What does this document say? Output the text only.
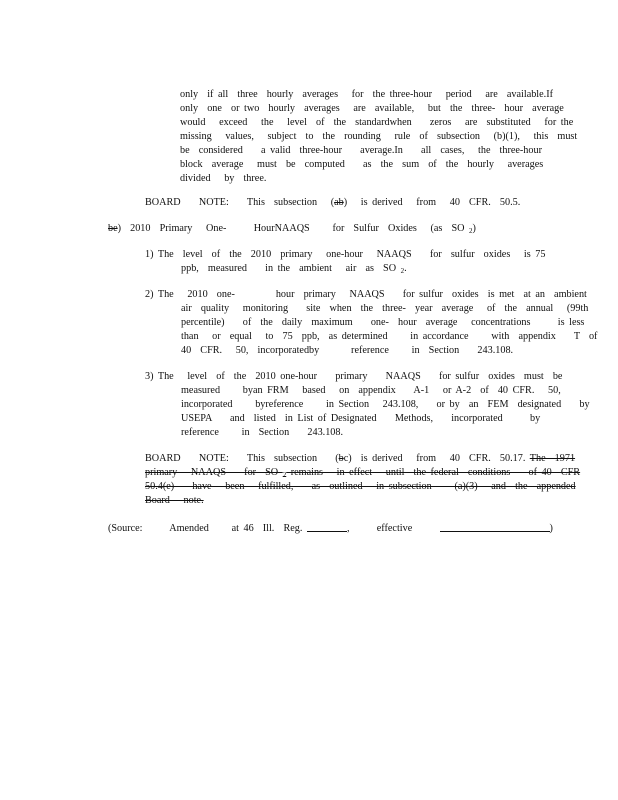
only  if all  three  hourly  averages   for  the three-hour   period   are  available.If
only  one  or two  hourly  averages   are  available,   but  the  three-  hour  average
would   exceed   the   level  of  the  standardwhen    zeros   are  substituted   for the
missing   values,   subject  to  the  rounding   rule  of  subsection   (b)(1),   this  must
be  considered    a valid  three-hour    average.In    all  cases,   the  three-hour
block  average   must  be  computed    as  the  sum  of  the  hourly   averages
divided   by  three.
BOARD    NOTE:    This  subsection   (ab)   is derived   from   40  CFR.  50.5.
be)  2010  Primary   One-      HourNAAQS     for  Sulfur  Oxides   (as  SO $_2$)
1) The  level  of  the  2010  primary   one-hour   NAAQS    for  sulfur  oxides   is 75
ppb,  measured    in the  ambient   air  as  SO $_2$.
2) The   2010  one-         hour  primary   NAAQS    for sulfur  oxides  is met  at an  ambient
air  quality   monitoring    site  when  the  three-  year  average   of  the  annual   (99th
percentile)    of  the  daily  maximum    one-  hour  average   concentrations      is less
than   or  equal   to  75  ppb,  as determined     in accordance     with  appendix    T  of
40  CFR.   50,  incorporatedby       reference     in  Section    243.108.
3) The   level  of  the  2010 one-hour    primary    NAAQS    for sulfur  oxides  must  be
measured     byan FRM   based   on  appendix    A-1   or A-2  of  40 CFR.   50,
incorporated     byreference     in Section   243.108,    or by  an  FEM  designated    by
USEPA    and  listed  in List of Designated    Methods,    incorporated      by
reference     in  Section    243.108.
BOARD    NOTE:    This  subsection    (bc)  is derived   from   40  CFR.  50.17. The  1971
primary   NAAQS    for  SO $_2$ remains   in effect   until  the federal  conditions    of 40  CFR
50.4(e)    have   been   fulfilled,    as  outlined   in subsection     (a)(3)   and  the  appended
Board   note.
(Source:      Amended     at 46  Ill.  Reg.	,	effective	)
